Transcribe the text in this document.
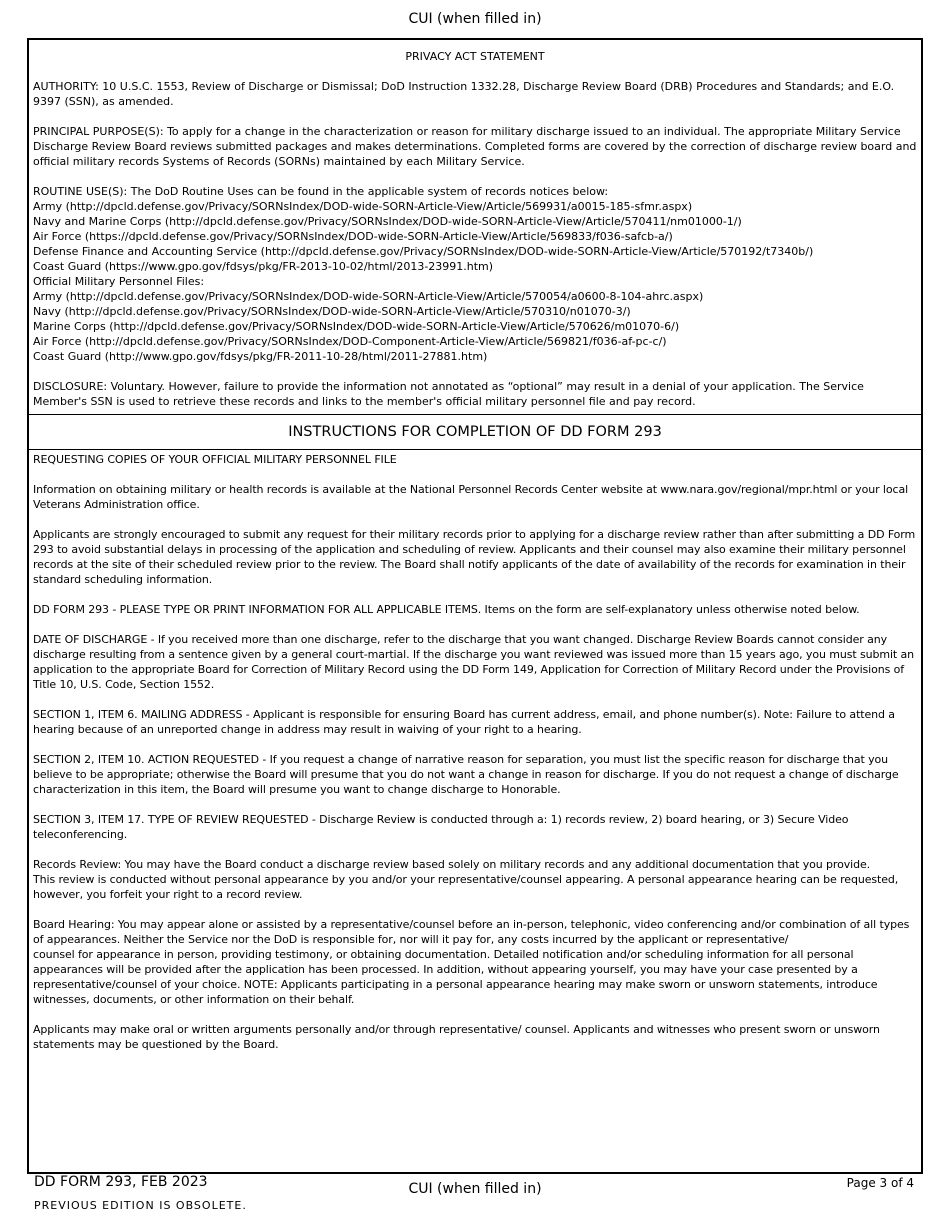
CUI (when filled in)
PRIVACY ACT STATEMENT
AUTHORITY: 10 U.S.C. 1553, Review of Discharge or Dismissal; DoD Instruction 1332.28, Discharge Review Board (DRB) Procedures and Standards; and E.O. 9397 (SSN), as amended.
PRINCIPAL PURPOSE(S): To apply for a change in the characterization or reason for military discharge issued to an individual. The appropriate Military Service Discharge Review Board reviews submitted packages and makes determinations. Completed forms are covered by the correction of discharge review board and official military records Systems of Records (SORNs) maintained by each Military Service.
ROUTINE USE(S): The DoD Routine Uses can be found in the applicable system of records notices below:
Army (http://dpcld.defense.gov/Privacy/SORNsIndex/DOD-wide-SORN-Article-View/Article/569931/a0015-185-sfmr.aspx)
Navy and Marine Corps (http://dpcld.defense.gov/Privacy/SORNsIndex/DOD-wide-SORN-Article-View/Article/570411/nm01000-1/)
Air Force (https://dpcld.defense.gov/Privacy/SORNsIndex/DOD-wide-SORN-Article-View/Article/569833/f036-safcb-a/)
Defense Finance and Accounting Service (http://dpcld.defense.gov/Privacy/SORNsIndex/DOD-wide-SORN-Article-View/Article/570192/t7340b/)
Coast Guard (https://www.gpo.gov/fdsys/pkg/FR-2013-10-02/html/2013-23991.htm)
Official Military Personnel Files:
Army (http://dpcld.defense.gov/Privacy/SORNsIndex/DOD-wide-SORN-Article-View/Article/570054/a0600-8-104-ahrc.aspx)
Navy (http://dpcld.defense.gov/Privacy/SORNsIndex/DOD-wide-SORN-Article-View/Article/570310/n01070-3/)
Marine Corps (http://dpcld.defense.gov/Privacy/SORNsIndex/DOD-wide-SORN-Article-View/Article/570626/m01070-6/)
Air Force (http://dpcld.defense.gov/Privacy/SORNsIndex/DOD-Component-Article-View/Article/569821/f036-af-pc-c/)
Coast Guard (http://www.gpo.gov/fdsys/pkg/FR-2011-10-28/html/2011-27881.htm)
DISCLOSURE: Voluntary. However, failure to provide the information not annotated as “optional” may result in a denial of your application. The Service Member's SSN is used to retrieve these records and links to the member's official military personnel file and pay record.
INSTRUCTIONS FOR COMPLETION OF DD FORM 293
REQUESTING COPIES OF YOUR OFFICIAL MILITARY PERSONNEL FILE
Information on obtaining military or health records is available at the National Personnel Records Center website at www.nara.gov/regional/mpr.html or your local Veterans Administration office.
Applicants are strongly encouraged to submit any request for their military records prior to applying for a discharge review rather than after submitting a DD Form 293 to avoid substantial delays in processing of the application and scheduling of review. Applicants and their counsel may also examine their military personnel records at the site of their scheduled review prior to the review. The Board shall notify applicants of the date of availability of the records for examination in their standard scheduling information.
DD FORM 293 - PLEASE TYPE OR PRINT INFORMATION FOR ALL APPLICABLE ITEMS. Items on the form are self-explanatory unless otherwise noted below.
DATE OF DISCHARGE - If you received more than one discharge, refer to the discharge that you want changed. Discharge Review Boards cannot consider any discharge resulting from a sentence given by a general court-martial. If the discharge you want reviewed was issued more than 15 years ago, you must submit an application to the appropriate Board for Correction of Military Record using the DD Form 149, Application for Correction of Military Record under the Provisions of Title 10, U.S. Code, Section 1552.
SECTION 1, ITEM 6. MAILING ADDRESS - Applicant is responsible for ensuring Board has current address, email, and phone number(s). Note: Failure to attend a hearing because of an unreported change in address may result in waiving of your right to a hearing.
SECTION 2, ITEM 10. ACTION REQUESTED - If you request a change of narrative reason for separation, you must list the specific reason for discharge that you believe to be appropriate; otherwise the Board will presume that you do not want a change in reason for discharge. If you do not request a change of discharge characterization in this item, the Board will presume you want to change discharge to Honorable.
SECTION 3, ITEM 17. TYPE OF REVIEW REQUESTED - Discharge Review is conducted through a: 1) records review, 2) board hearing, or 3) Secure Video teleconferencing.
Records Review: You may have the Board conduct a discharge review based solely on military records and any additional documentation that you provide.
This review is conducted without personal appearance by you and/or your representative/counsel appearing. A personal appearance hearing can be requested, however, you forfeit your right to a record review.
Board Hearing: You may appear alone or assisted by a representative/counsel before an in-person, telephonic, video conferencing and/or combination of all types of appearances. Neither the Service nor the DoD is responsible for, nor will it pay for, any costs incurred by the applicant or representative/
counsel for appearance in person, providing testimony, or obtaining documentation. Detailed notification and/or scheduling information for all personal appearances will be provided after the application has been processed. In addition, without appearing yourself, you may have your case presented by a representative/counsel of your choice. NOTE: Applicants participating in a personal appearance hearing may make sworn or unsworn statements, introduce witnesses, documents, or other information on their behalf.
Applicants may make oral or written arguments personally and/or through representative/ counsel. Applicants and witnesses who present sworn or unsworn statements may be questioned by the Board.
DD FORM 293, FEB 2023
PREVIOUS EDITION IS OBSOLETE.
CUI (when filled in)	Page 3 of 4
